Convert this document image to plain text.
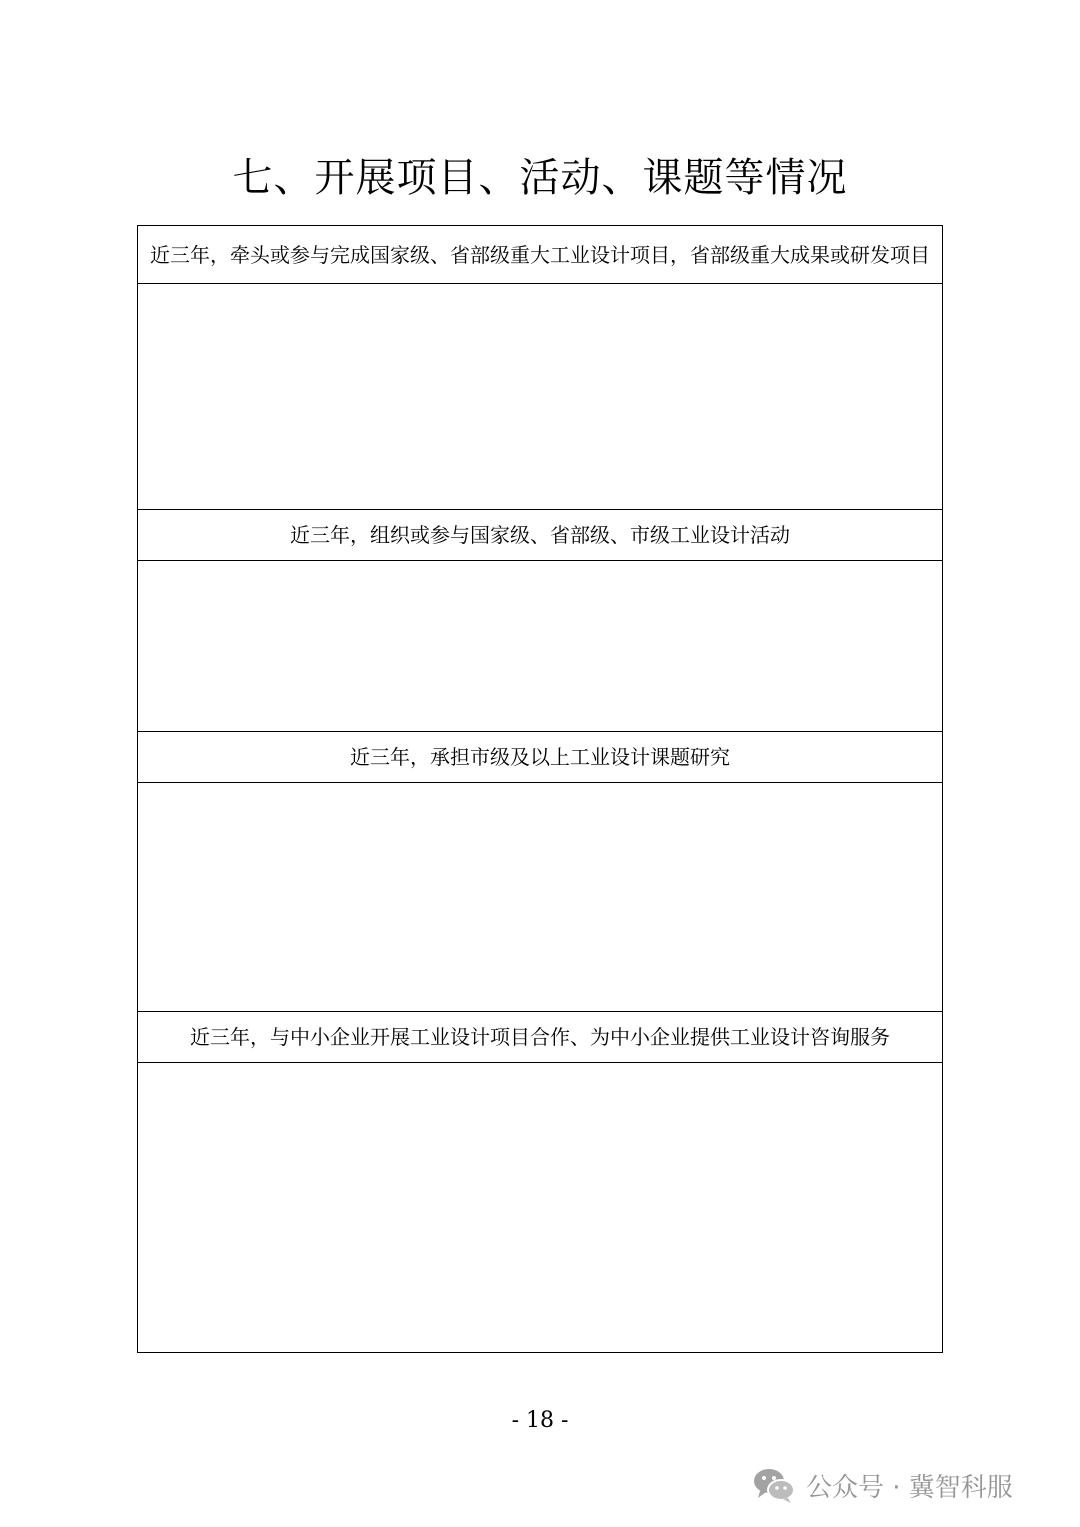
七、开展项目、活动、课题等情况
近三年，牵头或参与完成国家级、省部级重大工业设计项目，省部级重大成果或研发项目
近三年，组织或参与国家级、省部级、市级工业设计活动
近三年，承担市级及以上工业设计课题研究
近三年，与中小企业开展工业设计项目合作、为中小企业提供工业设计咨询服务
- 18 -
公众号 · 冀智科服
